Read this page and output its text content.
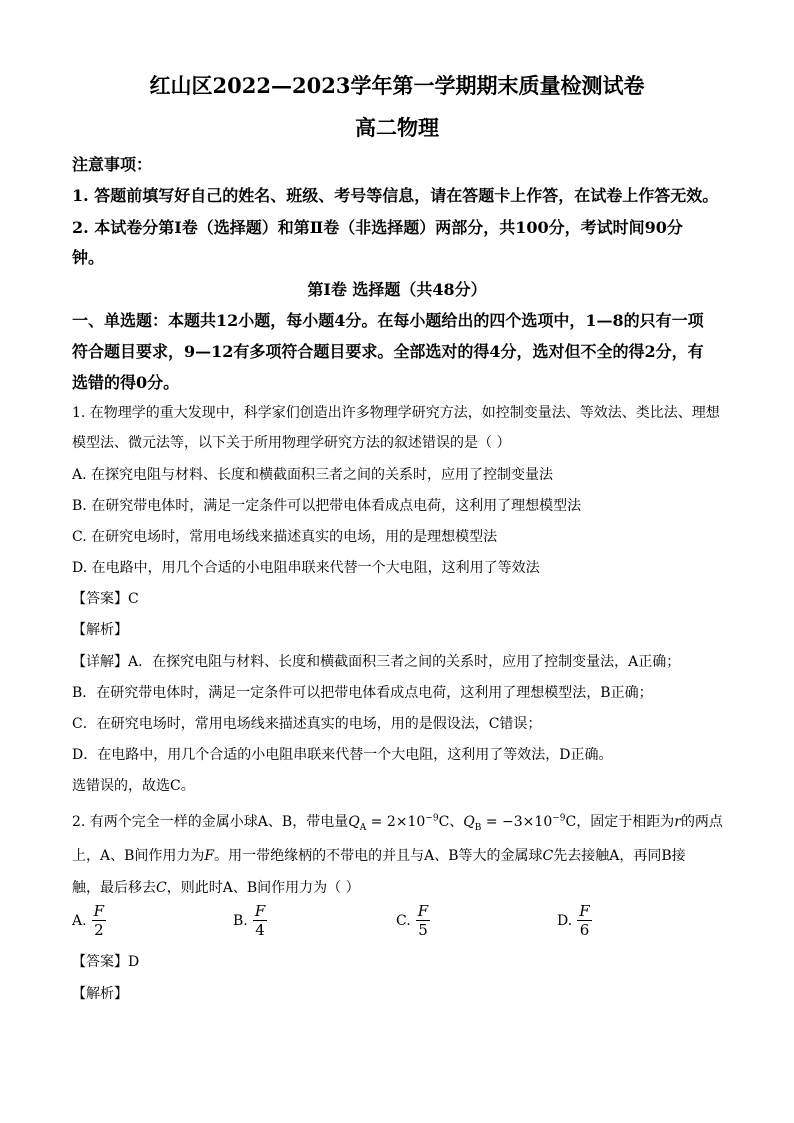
红山区2022—2023学年第一学期期末质量检测试卷
高二物理
注意事项：
1. 答题前填写好自己的姓名、班级、考号等信息，请在答题卡上作答，在试卷上作答无效。
2. 本试卷分第Ⅰ卷（选择题）和第Ⅱ卷（非选择题）两部分，共100分，考试时间90分
钟。
第Ⅰ卷 选择题（共48分）
一、单选题：本题共12小题，每小题4分。在每小题给出的四个选项中，1—8的只有一项
符合题目要求，9—12有多项符合题目要求。全部选对的得4分，选对但不全的得2分，有
选错的得0分。
1. 在物理学的重大发现中，科学家们创造出许多物理学研究方法，如控制变量法、等效法、类比法、理想
模型法、微元法等，以下关于所用物理学研究方法的叙述错误的是（ ）
A. 在探究电阻与材料、长度和横截面积三者之间的关系时，应用了控制变量法
B. 在研究带电体时，满足一定条件可以把带电体看成点电荷，这利用了理想模型法
C. 在研究电场时，常用电场线来描述真实的电场，用的是理想模型法
D. 在电路中，用几个合适的小电阻串联来代替一个大电阻，这利用了等效法
【答案】C
【解析】
【详解】A．在探究电阻与材料、长度和横截面积三者之间的关系时，应用了控制变量法，A正确；
B．在研究带电体时，满足一定条件可以把带电体看成点电荷，这利用了理想模型法，B正确；
C．在研究电场时，常用电场线来描述真实的电场，用的是假设法，C错误；
D．在电路中，用几个合适的小电阻串联来代替一个大电阻，这利用了等效法，D正确。
选错误的，故选C。
2. 有两个完全一样的金属小球A、B，带电量$Q_A = 2\times 10^{-9}C$、$Q_B = -3\times 10^{-9}C$，固定于相距为r的两点
上，A、B间作用力为F。用一带绝缘柄的不带电的并且与A、B等大的金属球C先去接触A，再同B接
触，最后移去C，则此时A、B间作用力为（ ）
A. $\frac{F}{2}$	B. $\frac{F}{4}$	C. $\frac{F}{5}$	D. $\frac{F}{6}$
【答案】D
【解析】
